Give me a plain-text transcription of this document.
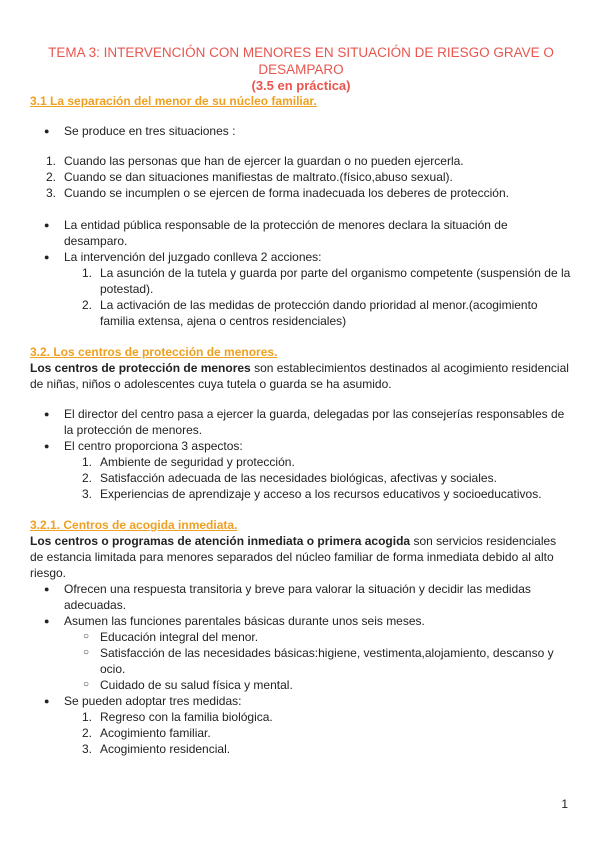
TEMA 3: INTERVENCIÓN CON MENORES EN SITUACIÓN DE RIESGO GRAVE O DESAMPARO
(3.5 en práctica)
3.1 La separación del menor de su núcleo familiar.
● Se produce en tres situaciones :
1. Cuando las personas que han de ejercer la guardan o no pueden ejercerla.
2. Cuando se dan situaciones manifiestas de maltrato.(físico,abuso sexual).
3. Cuando se incumplen o se ejercen de forma inadecuada los deberes de protección.
● La entidad pública responsable de la protección de menores declara la situación de desamparo.
● La intervención del juzgado conlleva 2 acciones:
1. La asunción de la tutela y guarda por parte del organismo competente (suspensión de la potestad).
2. La activación de las medidas de protección dando prioridad al menor.(acogimiento familia extensa, ajena o centros residenciales)
3.2. Los centros de protección de menores.

Los centros de protección de menores son establecimientos destinados al acogimiento residencial de niñas, niños o adolescentes cuya tutela o guarda se ha asumido.

● El director del centro pasa a ejercer la guarda, delegadas por las consejerías responsables de la protección de menores.
● El centro proporciona 3 aspectos:
1. Ambiente de seguridad y protección.
2. Satisfacción adecuada de las necesidades biológicas, afectivas y sociales.
3. Experiencias de aprendizaje y acceso a los recursos educativos y socioeducativos.
3.2.1. Centros de acogida inmediata.

Los centros o programas de atención inmediata o primera acogida son servicios residenciales de estancia limitada para menores separados del núcleo familiar de forma inmediata debido al alto riesgo.

● Ofrecen una respuesta transitoria y breve para valorar la situación y decidir las medidas adecuadas.
● Asumen las funciones parentales básicas durante unos seis meses.
○ Educación integral del menor.
○ Satisfacción de las necesidades básicas:higiene, vestimenta,alojamiento, descanso y ocio.
○ Cuidado de su salud física y mental.
● Se pueden adoptar tres medidas:
1. Regreso con la familia biológica.
2. Acogimiento familiar.
3. Acogimiento residencial.
1
